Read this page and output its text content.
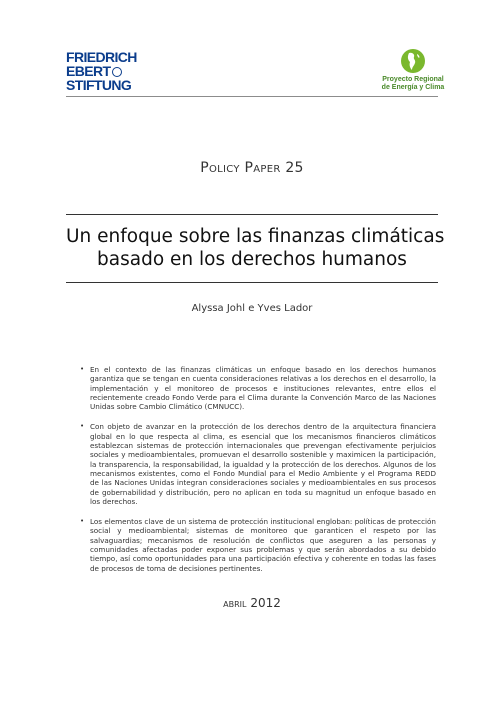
FRIEDRICH
EBERT
STIFTUNG	Proyecto Regional
de Energía y Clima
Policy Paper 25
Un enfoque sobre las finanzas climáticas
basado en los derechos humanos
Alyssa Johl e Yves Lador
• En el contexto de las finanzas climáticas un enfoque basado en los derechos humanos garantiza que se tengan en cuenta consideraciones relativas a los derechos en el desarrollo, la implementación y el monitoreo de procesos e instituciones relevantes, entre ellos el recientemente creado Fondo Verde para el Clima durante la Convención Marco de las Naciones Unidas sobre Cambio Climático (CMNUCC).
• Con objeto de avanzar en la protección de los derechos dentro de la arquitectura financiera global en lo que respecta al clima, es esencial que los mecanismos financieros climáticos establezcan sistemas de protección internacionales que prevengan efectivamente perjuicios sociales y medioambientales, promuevan el desarrollo sostenible y maximicen la participación, la transparencia, la responsabilidad, la igualdad y la protección de los derechos. Algunos de los mecanismos existentes, como el Fondo Mundial para el Medio Ambiente y el Programa REDD de las Naciones Unidas integran consideraciones sociales y medioambientales en sus procesos de gobernabilidad y distribución, pero no aplican en toda su magnitud un enfoque basado en los derechos.
• Los elementos clave de un sistema de protección institucional engloban: políticas de protección social y medioambiental; sistemas de monitoreo que garanticen el respeto por las salvaguardias; mecanismos de resolución de conflictos que aseguren a las personas y comunidades afectadas poder exponer sus problemas y que serán abordados a su debido tiempo, así como oportunidades para una participación efectiva y coherente en todas las fases de procesos de toma de decisiones pertinentes.
abril 2012
